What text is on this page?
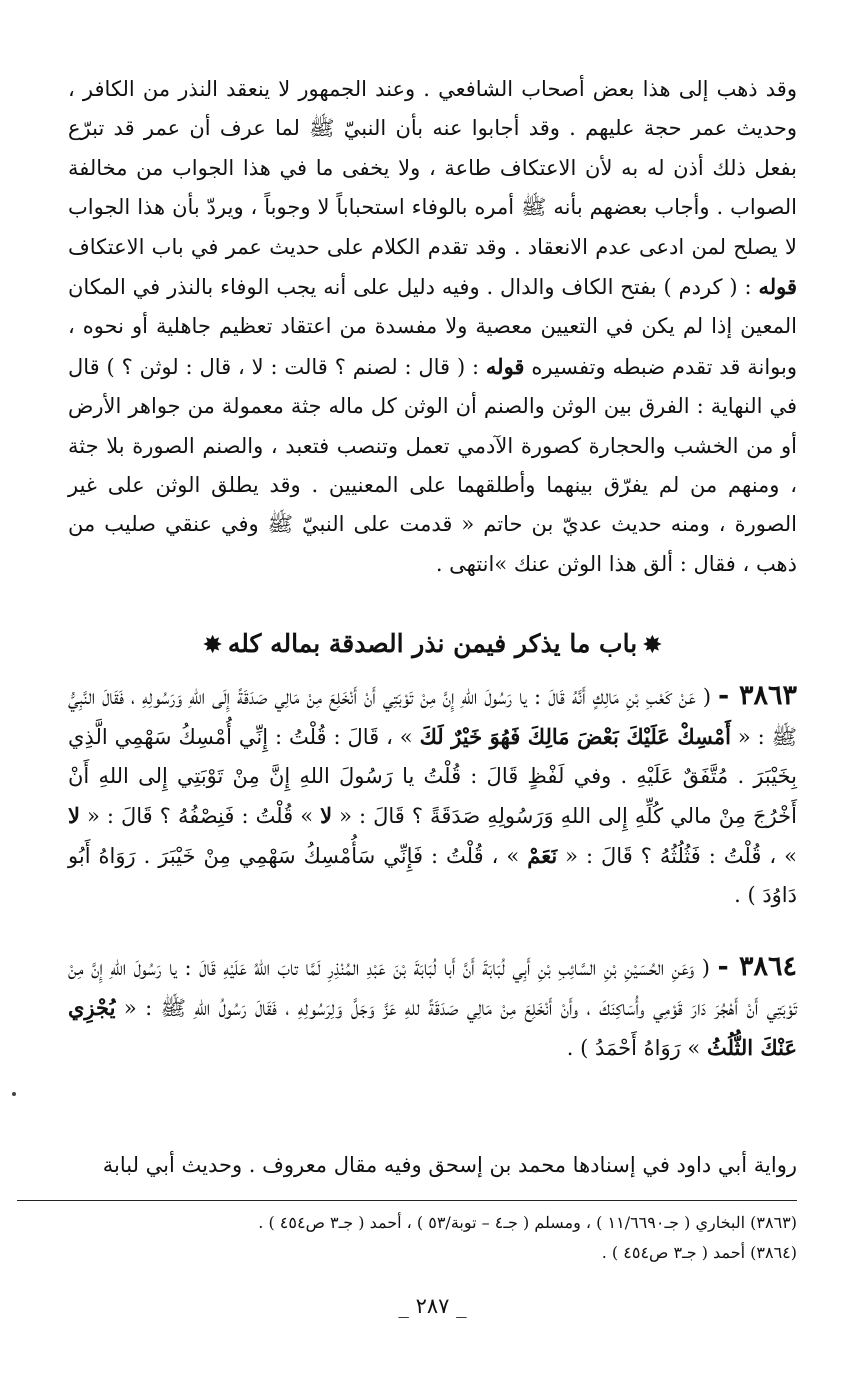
وقد ذهب إلى هذا بعض أصحاب الشافعي . وعند الجمهور لا ينعقد النذر من الكافر ، وحديث عمر حجة عليهم . وقد أجابوا عنه بأن النبيّ ﷺ لما عرف أن عمر قد تبرّع بفعل ذلك أذن له به لأن الاعتكاف طاعة ، ولا يخفى ما في هذا الجواب من مخالفة الصواب . وأجاب بعضهم بأنه ﷺ أمره بالوفاء استحباباً لا وجوباً ، ويردّ بأن هذا الجواب لا يصلح لمن ادعى عدم الانعقاد . وقد تقدم الكلام على حديث عمر في باب الاعتكاف قوله : ( كردم ) بفتح الكاف والدال . وفيه دليل على أنه يجب الوفاء بالنذر في المكان المعين إذا لم يكن في التعيين معصية ولا مفسدة من اعتقاد تعظيم جاهلية أو نحوه ، وبوانة قد تقدم ضبطه وتفسيره قوله : ( قال : لصنم ؟ قالت : لا ، قال : لوثن ؟ ) قال في النهاية : الفرق بين الوثن والصنم أن الوثن كل ماله جثة معمولة من جواهر الأرض أو من الخشب والحجارة كصورة الآدمي تعمل وتنصب فتعبد ، والصنم الصورة بلا جثة ، ومنهم من لم يفرّق بينهما وأطلقهما على المعنيين . وقد يطلق الوثن على غير الصورة ، ومنه حديث عديّ بن حاتم « قدمت على النبيّ ﷺ وفي عنقي صليب من ذهب ، فقال : ألق هذا الوثن عنك »انتهى .

✸باب ما يذكر فيمن نذر الصدقة بماله كله✸

٣٨٦٣ - ( عَنْ كَعْبِ بْنِ مَالِكٍ أَنَّهُ قَالَ : يا رَسُولَ اللهِ إِنَّ مِنْ تَوْبَتِي أَنْ أَنْخَلِعَ مِنْ مَالِي صَدَقَةً إِلَى اللهِ وَرَسُولِهِ ، فَقَالَ النَّبِيُّ ﷺ : « أَمْسِكْ عَلَيْكَ بَعْضَ مَالِكَ فَهُوَ خَيْرٌ لَكَ » ، قَالَ : قُلْتُ : إِنِّي أُمْسِكُ سَهْمِي الَّذِي بِخَيْبَرَ . مُتَّفَقٌ عَلَيْهِ . وفي لَفْظٍ قَالَ : قُلْتُ يا رَسُولَ اللهِ إِنَّ مِنْ تَوْبَتِي إِلى اللهِ أَنْ أَخْرُجَ مِنْ مالي كُلِّهِ إِلى اللهِ وَرَسُولِهِ صَدَقَةً ؟ قَالَ : « لا » قُلْتُ : فَنِصْفُهُ ؟ قَالَ : « لا » ، قُلْتُ : فَثُلُثُهُ ؟ قَالَ : « نَعَمْ » ، قُلْتُ : فَإِنِّي سَأُمْسِكُ سَهْمِي مِنْ خَيْبَرَ . رَوَاهُ أَبُو دَاوُدَ ) .

٣٨٦٤ - ( وَعَنِ الحُسَيْنِ بْنِ السَّائِبِ بْنِ أَبِي لُبَابَةَ أَنَّ أَبا لُبَابَةَ بْنَ عَبْدِ المُنْذِرِ لَمَّا تابَ اللهُ عَلَيْهِ قَالَ : يا رَسُولَ اللهِ إِنَّ مِنْ تَوْبَتِي أَنْ أَهْجُرَ دَارَ قَوْمِي وأُسَاكِنَكَ ، وأَنْ أَنْخَلِعَ مِنْ مَالِي صَدَقَةً للهِ عَزَّ وَجَلَّ وَلِرَسُولِهِ ، فَقَالَ رَسُولُ اللهِ ﷺ : « يُجْزِي عَنْكَ الثُّلُثُ » رَوَاهُ أَحْمَدُ ) .

رواية أبي داود في إسنادها محمد بن إسحق وفيه مقال معروف . وحديث أبي لبابة

(٣٨٦٣) البخاري ( جـ١١/٦٦٩٠ ) ، ومسلم ( جـ٤ – توبة/٥٣ ) ، أحمد ( جـ٣ ص٤٥٤ ) .

(٣٨٦٤) أحمد ( جـ٣ ص٤٥٤ ) .

_ ٢٨٧ _
